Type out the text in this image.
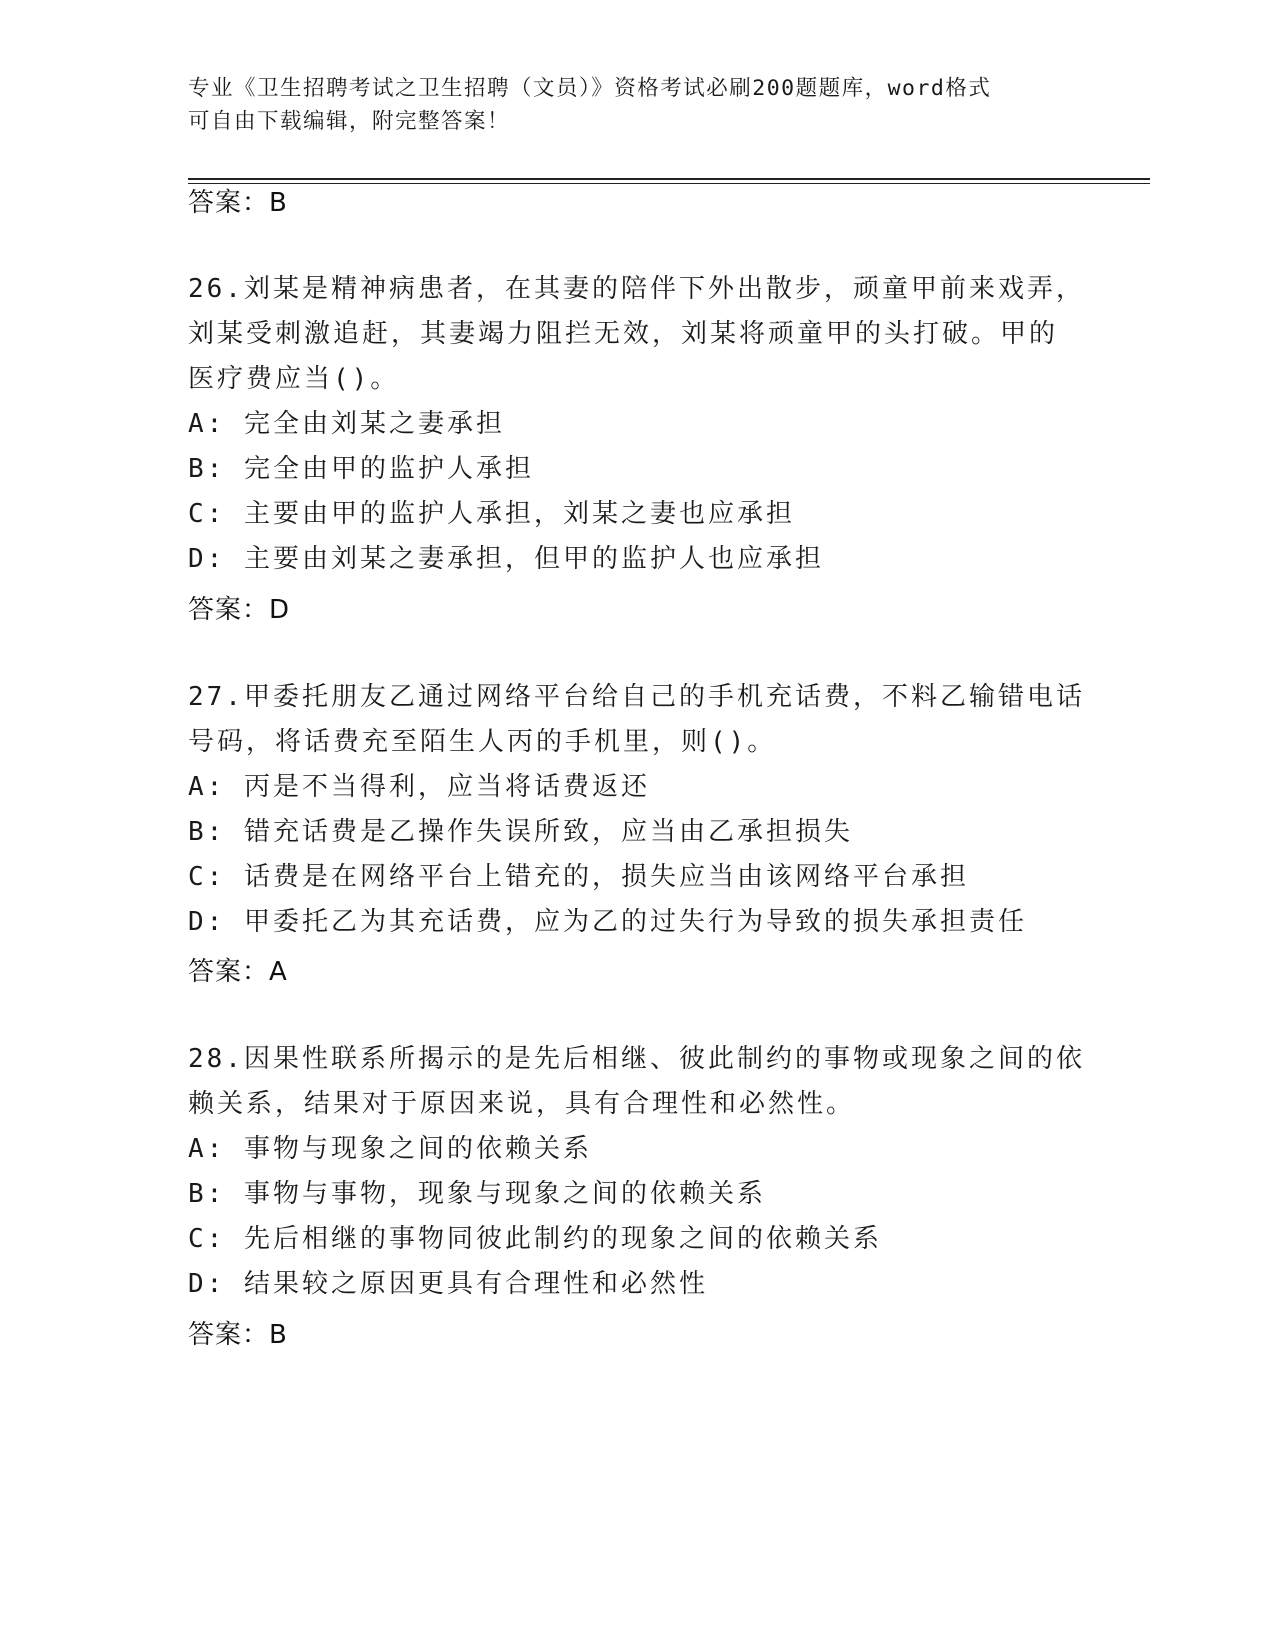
专业《卫生招聘考试之卫生招聘（文员）》资格考试必刷200题题库，word格式
可自由下载编辑，附完整答案！
答案：B

26.刘某是精神病患者，在其妻的陪伴下外出散步，顽童甲前来戏弄，

刘某受刺激追赶，其妻竭力阻拦无效，刘某将顽童甲的头打破。甲的

医疗费应当()。

A: 完全由刘某之妻承担

B: 完全由甲的监护人承担

C: 主要由甲的监护人承担，刘某之妻也应承担

D: 主要由刘某之妻承担，但甲的监护人也应承担

答案：D

27.甲委托朋友乙通过网络平台给自己的手机充话费，不料乙输错电话

号码，将话费充至陌生人丙的手机里，则()。

A: 丙是不当得利，应当将话费返还

B: 错充话费是乙操作失误所致，应当由乙承担损失

C: 话费是在网络平台上错充的，损失应当由该网络平台承担

D: 甲委托乙为其充话费，应为乙的过失行为导致的损失承担责任

答案：A

28.因果性联系所揭示的是先后相继、彼此制约的事物或现象之间的依

赖关系，结果对于原因来说，具有合理性和必然性。

A: 事物与现象之间的依赖关系

B: 事物与事物，现象与现象之间的依赖关系

C: 先后相继的事物同彼此制约的现象之间的依赖关系

D: 结果较之原因更具有合理性和必然性

答案：B
